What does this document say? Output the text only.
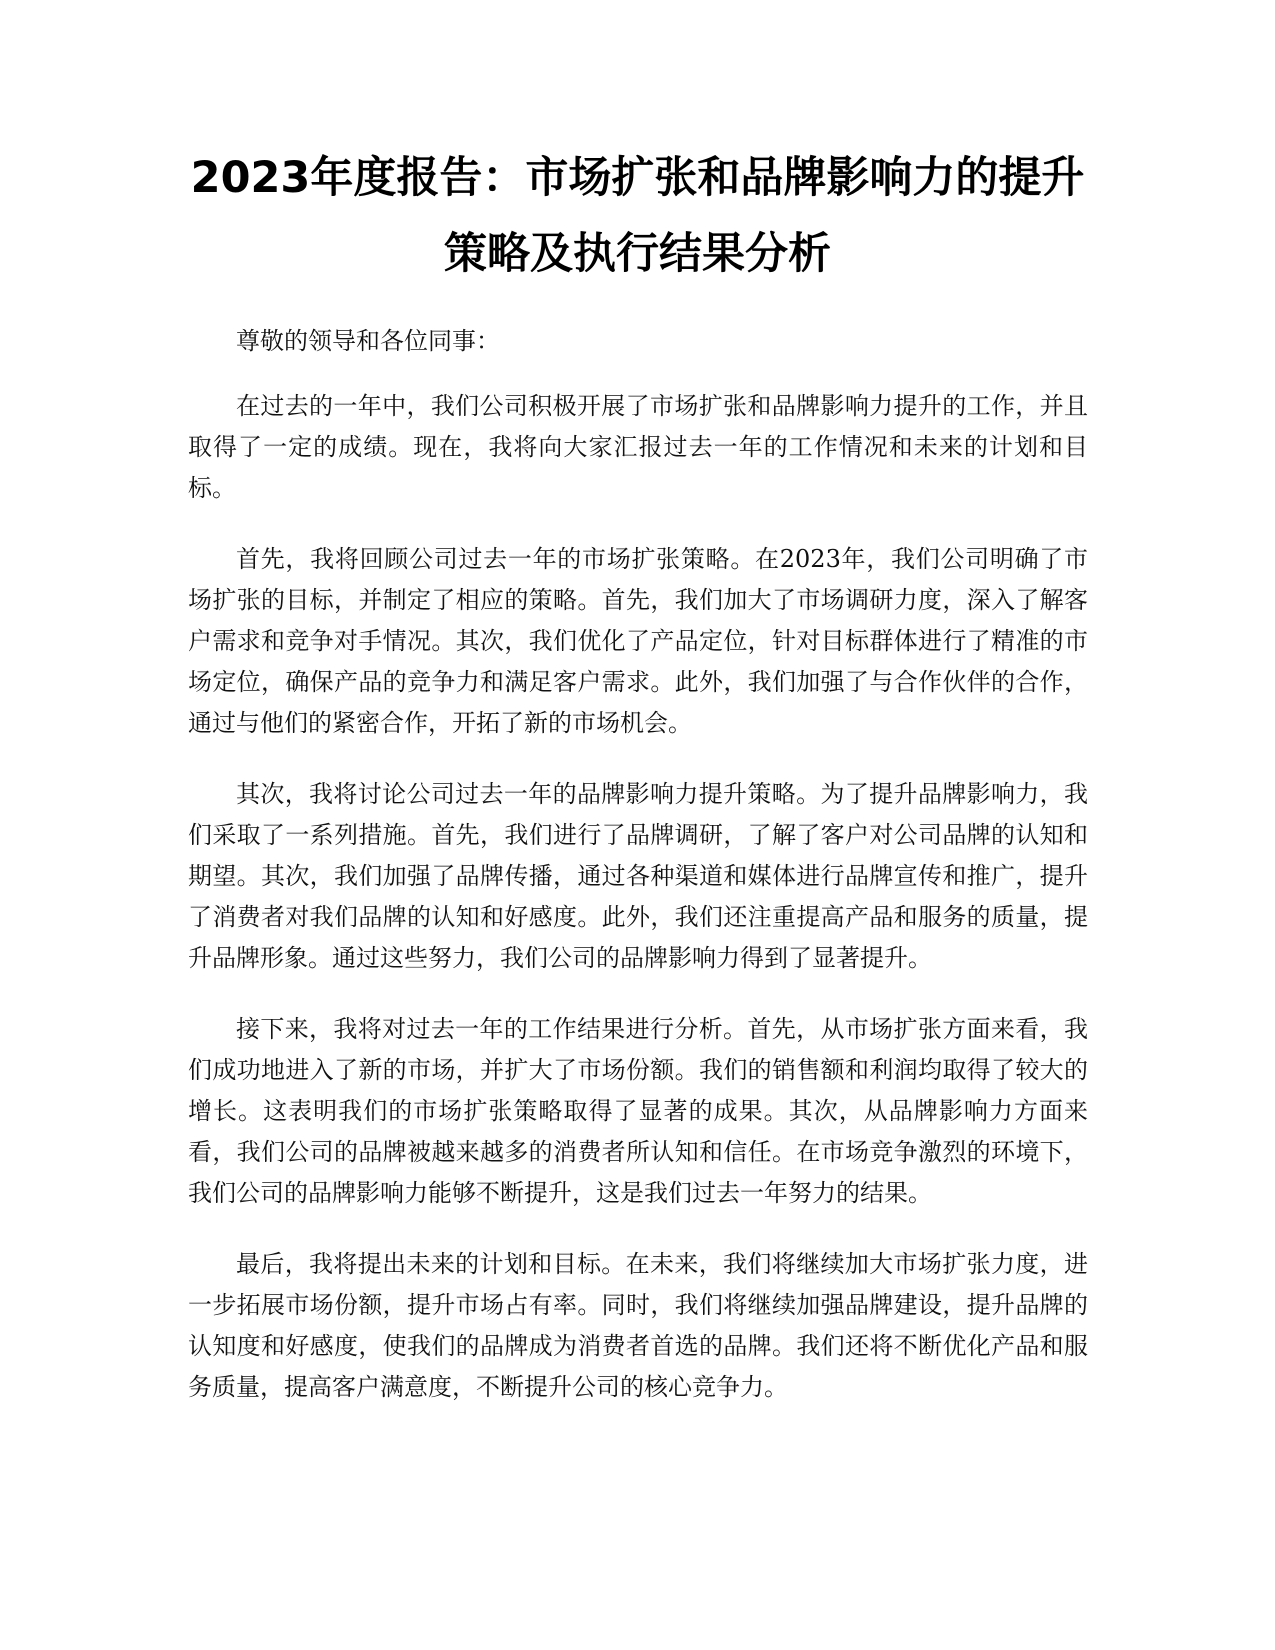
2023年度报告：市场扩张和品牌影响力的提升策略及执行结果分析

尊敬的领导和各位同事：

在过去的一年中，我们公司积极开展了市场扩张和品牌影响力提升的工作，并且取得了一定的成绩。现在，我将向大家汇报过去一年的工作情况和未来的计划和目标。

首先，我将回顾公司过去一年的市场扩张策略。在2023年，我们公司明确了市场扩张的目标，并制定了相应的策略。首先，我们加大了市场调研力度，深入了解客户需求和竞争对手情况。其次，我们优化了产品定位，针对目标群体进行了精准的市场定位，确保产品的竞争力和满足客户需求。此外，我们加强了与合作伙伴的合作，通过与他们的紧密合作，开拓了新的市场机会。

其次，我将讨论公司过去一年的品牌影响力提升策略。为了提升品牌影响力，我们采取了一系列措施。首先，我们进行了品牌调研，了解了客户对公司品牌的认知和期望。其次，我们加强了品牌传播，通过各种渠道和媒体进行品牌宣传和推广，提升了消费者对我们品牌的认知和好感度。此外，我们还注重提高产品和服务的质量，提升品牌形象。通过这些努力，我们公司的品牌影响力得到了显著提升。

接下来，我将对过去一年的工作结果进行分析。首先，从市场扩张方面来看，我们成功地进入了新的市场，并扩大了市场份额。我们的销售额和利润均取得了较大的增长。这表明我们的市场扩张策略取得了显著的成果。其次，从品牌影响力方面来看，我们公司的品牌被越来越多的消费者所认知和信任。在市场竞争激烈的环境下，我们公司的品牌影响力能够不断提升，这是我们过去一年努力的结果。

最后，我将提出未来的计划和目标。在未来，我们将继续加大市场扩张力度，进一步拓展市场份额，提升市场占有率。同时，我们将继续加强品牌建设，提升品牌的认知度和好感度，使我们的品牌成为消费者首选的品牌。我们还将不断优化产品和服务质量，提高客户满意度，不断提升公司的核心竞争力。
